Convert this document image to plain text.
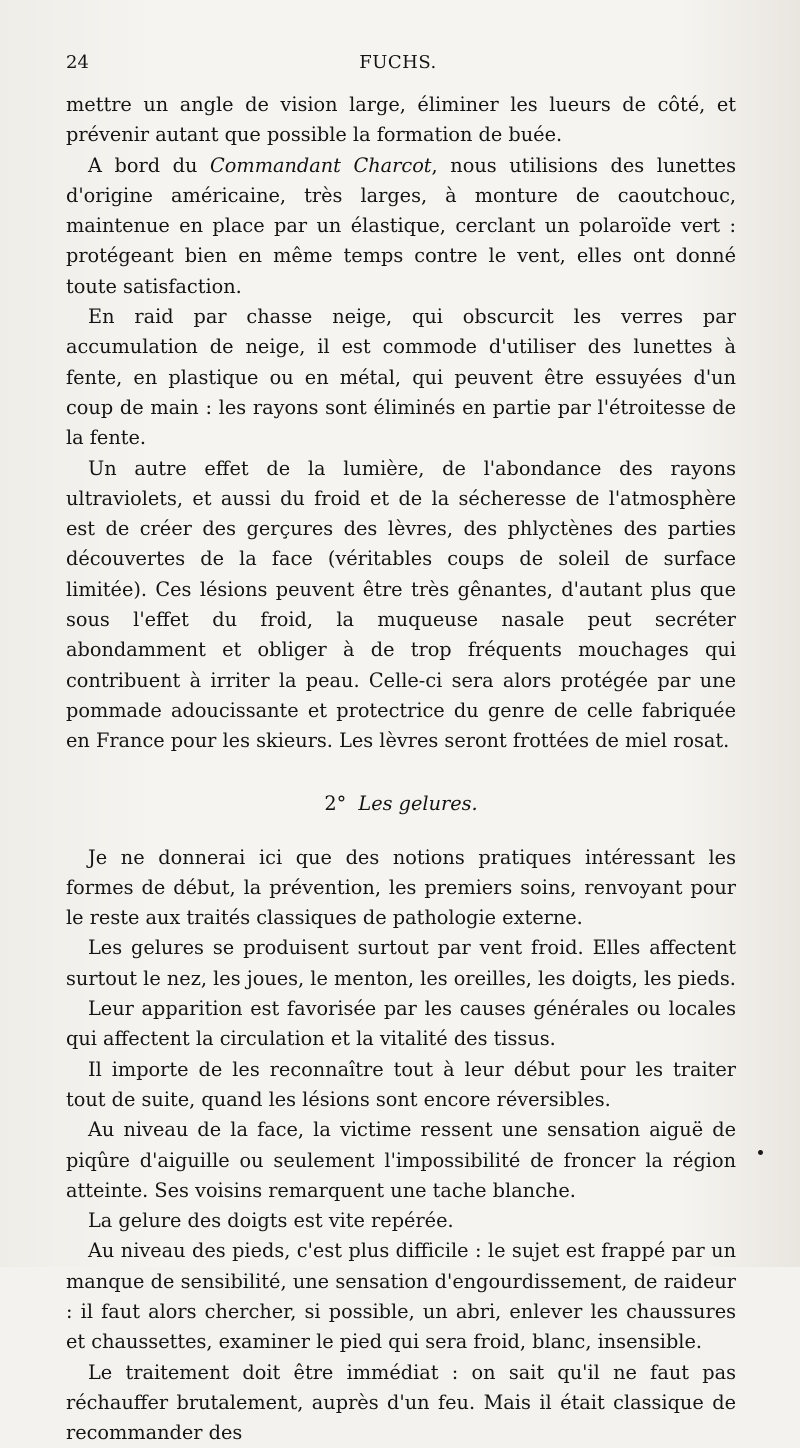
24	FUCHS.

mettre un angle de vision large, éliminer les lueurs de côté, et prévenir autant que possible la formation de buée.

A bord du Commandant Charcot, nous utilisions des lunettes d'origine américaine, très larges, à monture de caoutchouc, maintenue en place par un élastique, cerclant un polaroïde vert : protégeant bien en même temps contre le vent, elles ont donné toute satisfaction.

En raid par chasse neige, qui obscurcit les verres par accumulation de neige, il est commode d'utiliser des lunettes à fente, en plastique ou en métal, qui peuvent être essuyées d'un coup de main : les rayons sont éliminés en partie par l'étroitesse de la fente.

Un autre effet de la lumière, de l'abondance des rayons ultraviolets, et aussi du froid et de la sécheresse de l'atmosphère est de créer des gerçures des lèvres, des phlyctènes des parties découvertes de la face (véritables coups de soleil de surface limitée). Ces lésions peuvent être très gênantes, d'autant plus que sous l'effet du froid, la muqueuse nasale peut secréter abondamment et obliger à de trop fréquents mouchages qui contribuent à irriter la peau. Celle-ci sera alors protégée par une pommade adoucissante et protectrice du genre de celle fabriquée en France pour les skieurs. Les lèvres seront frottées de miel rosat.

2° Les gelures.

Je ne donnerai ici que des notions pratiques intéressant les formes de début, la prévention, les premiers soins, renvoyant pour le reste aux traités classiques de pathologie externe.

Les gelures se produisent surtout par vent froid. Elles affectent surtout le nez, les joues, le menton, les oreilles, les doigts, les pieds.

Leur apparition est favorisée par les causes générales ou locales qui affectent la circulation et la vitalité des tissus.

Il importe de les reconnaître tout à leur début pour les traiter tout de suite, quand les lésions sont encore réversibles.

Au niveau de la face, la victime ressent une sensation aiguë de piqûre d'aiguille ou seulement l'impossibilité de froncer la région atteinte. Ses voisins remarquent une tache blanche.

La gelure des doigts est vite repérée.

Au niveau des pieds, c'est plus difficile : le sujet est frappé par un manque de sensibilité, une sensation d'engourdissement, de raideur : il faut alors chercher, si possible, un abri, enlever les chaussures et chaussettes, examiner le pied qui sera froid, blanc, insensible.

Le traitement doit être immédiat : on sait qu'il ne faut pas réchauffer brutalement, auprès d'un feu. Mais il était classique de recommander des
